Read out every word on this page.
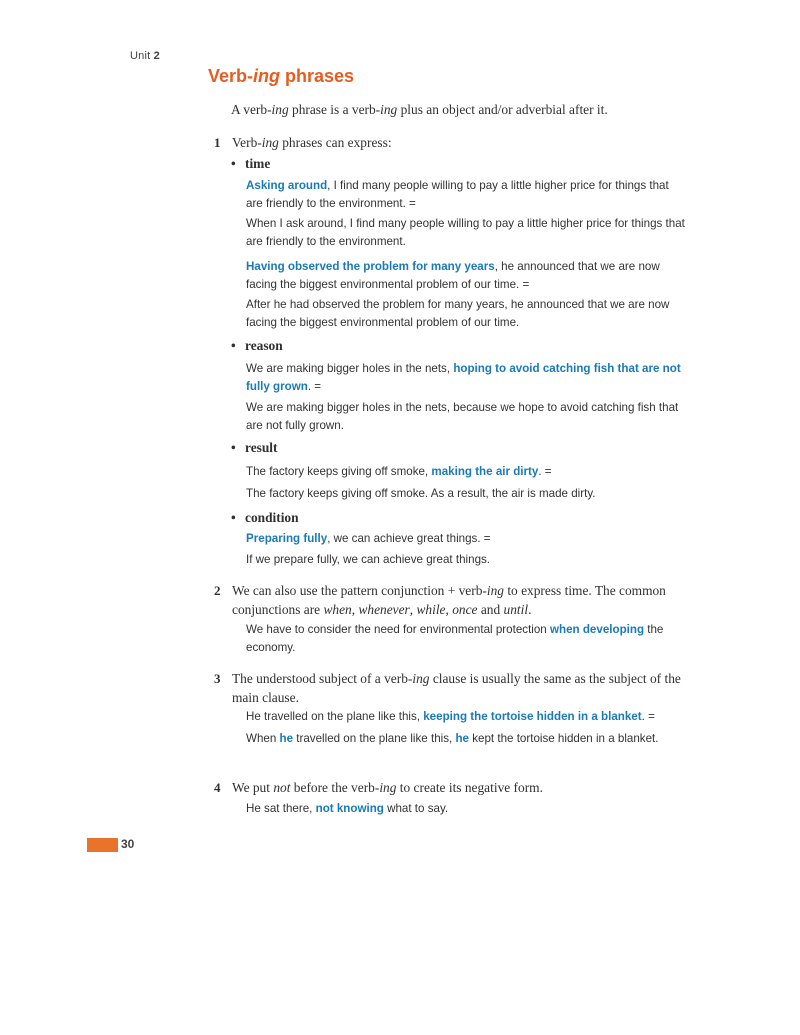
Unit 2
Verb-ing phrases
A verb-ing phrase is a verb-ing plus an object and/or adverbial after it.
1 Verb-ing phrases can express:
• time
Asking around, I find many people willing to pay a little higher price for things that are friendly to the environment. =
When I ask around, I find many people willing to pay a little higher price for things that are friendly to the environment.
Having observed the problem for many years, he announced that we are now facing the biggest environmental problem of our time. =
After he had observed the problem for many years, he announced that we are now facing the biggest environmental problem of our time.
• reason
We are making bigger holes in the nets, hoping to avoid catching fish that are not fully grown. =
We are making bigger holes in the nets, because we hope to avoid catching fish that are not fully grown.
• result
The factory keeps giving off smoke, making the air dirty. =
The factory keeps giving off smoke. As a result, the air is made dirty.
• condition
Preparing fully, we can achieve great things. =
If we prepare fully, we can achieve great things.
2 We can also use the pattern conjunction + verb-ing to express time. The common conjunctions are when, whenever, while, once and until.
We have to consider the need for environmental protection when developing the economy.
3 The understood subject of a verb-ing clause is usually the same as the subject of the main clause.
He travelled on the plane like this, keeping the tortoise hidden in a blanket. =
When he travelled on the plane like this, he kept the tortoise hidden in a blanket.
4 We put not before the verb-ing to create its negative form.
He sat there, not knowing what to say.
30
